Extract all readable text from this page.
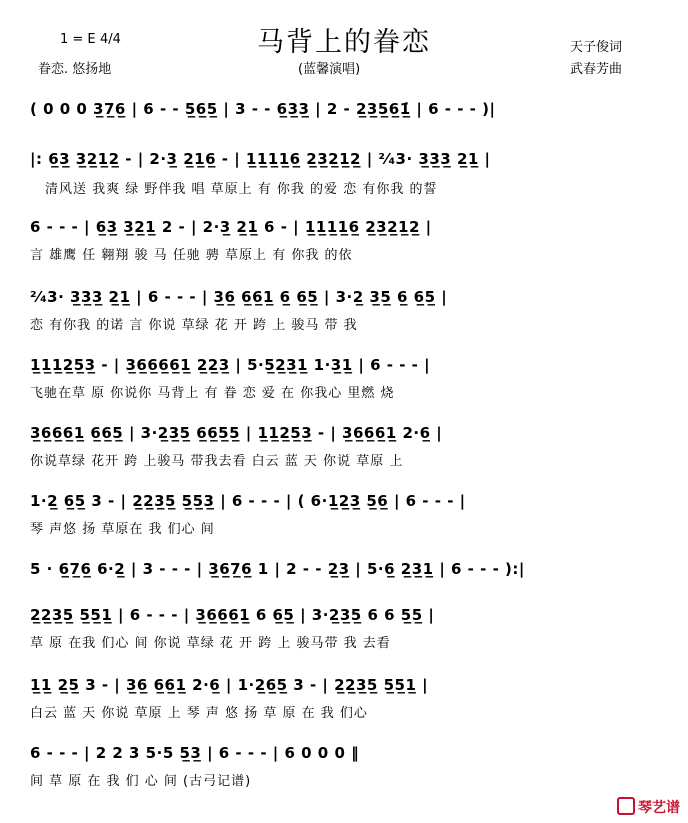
马背上的眷恋
1 = E 4/4
眷恋. 悠扬地	(蓝馨演唱)
天子俊词
武春芳曲
( 0 0 0 3̲7̲6̲ | 6 - - 5̲6̲5̲ | 3 - - 6̲3̲3̲ | 2 - 2̲3̲5̲6̲1̲̇ | 6 - - - )|
|: 6̲3̲ 3̲2̲1̲2̲ - | 2·3̲ 2̲1̲6̲ - | 1̲1̲1̲1̲6̲ 2̲3̲2̲1̲2̲ | ²⁄₄3· 3̲3̲3̲ 2̲1̲ |
清风送 我爽 绿 野伴我 唱 草原上 有 你我 的爱 恋 有你我 的誓
6 - - - | 6̲3̲ 3̲2̲1̲ 2 - | 2·3̲ 2̲1̲ 6 - | 1̲1̲1̲1̲6̲ 2̲3̲2̲1̲2̲ |
言 雄鹰 任 翱翔 骏 马 任驰 骋 草原上 有 你我 的依
²⁄₄3· 3̲3̲3̲ 2̲1̲ | 6 - - - | 3̲6̲ 6̲6̲1̲ 6̲ 6̲5̲ | 3·2̲ 3̲5̲ 6̲ 6̲5̲ |
恋 有你我 的诺 言 你说 草绿 花 开 跨 上 骏马 带 我
1̲1̲1̲2̲5̲3̲ - | 3̲6̲6̲6̲6̲1̲ 2̲2̲3̲ | 5·5̲2̲3̲1̲ 1·3̲1̲ | 6 - - - |
飞驰在草 原 你说你 马背上 有 眷 恋 爱 在 你我心 里燃 烧
3̲6̲6̲6̲1̲ 6̲6̲5̲ | 3·2̲3̲5̲ 6̲6̲5̲5̲ | 1̲1̲2̲5̲3̲ - | 3̲6̲6̲6̲1̲ 2·6̲ |
你说草绿 花开 跨 上骏马 带我去看 白云 蓝 天 你说 草原 上
1·2̲ 6̲5̲ 3 - | 2̲2̲3̲5̲ 5̲5̲3̲ | 6 - - - | ( 6·1̲2̲3̲ 5̲6̲ | 6 - - - |
琴 声悠 扬 草原在 我 们心 间
5 · 6̲7̲6̲ 6·2̲ | 3 - - - | 3̲6̲7̲6̲ 1 | 2 - - 2̲3̲ | 5·6̲ 2̲3̲1̲ | 6 - - - ):|
2̲2̲3̲5̲ 5̲5̲1̲ | 6 - - - | 3̲6̲6̲6̲1̲ 6 6̲5̲ | 3·2̲3̲5̲ 6 6 5̲5̲ |
草 原 在我 们心 间 你说 草绿 花 开 跨 上 骏马带 我 去看
1̲1̲ 2̲5̲ 3 - | 3̲6̲ 6̲6̲1̲ 2·6̲ | 1·2̲6̲5̲ 3 - | 2̲2̲3̲5̲ 5̲5̲1̲ |
白云 蓝 天 你说 草原 上 琴 声 悠 扬 草 原 在 我 们心
6 - - - | 2 2 3 5·5 5̲3̲ | 6 - - - | 6 0 0 0 ‖
间 草 原 在 我 们 心 间 (古弓记谱)
琴艺谱
